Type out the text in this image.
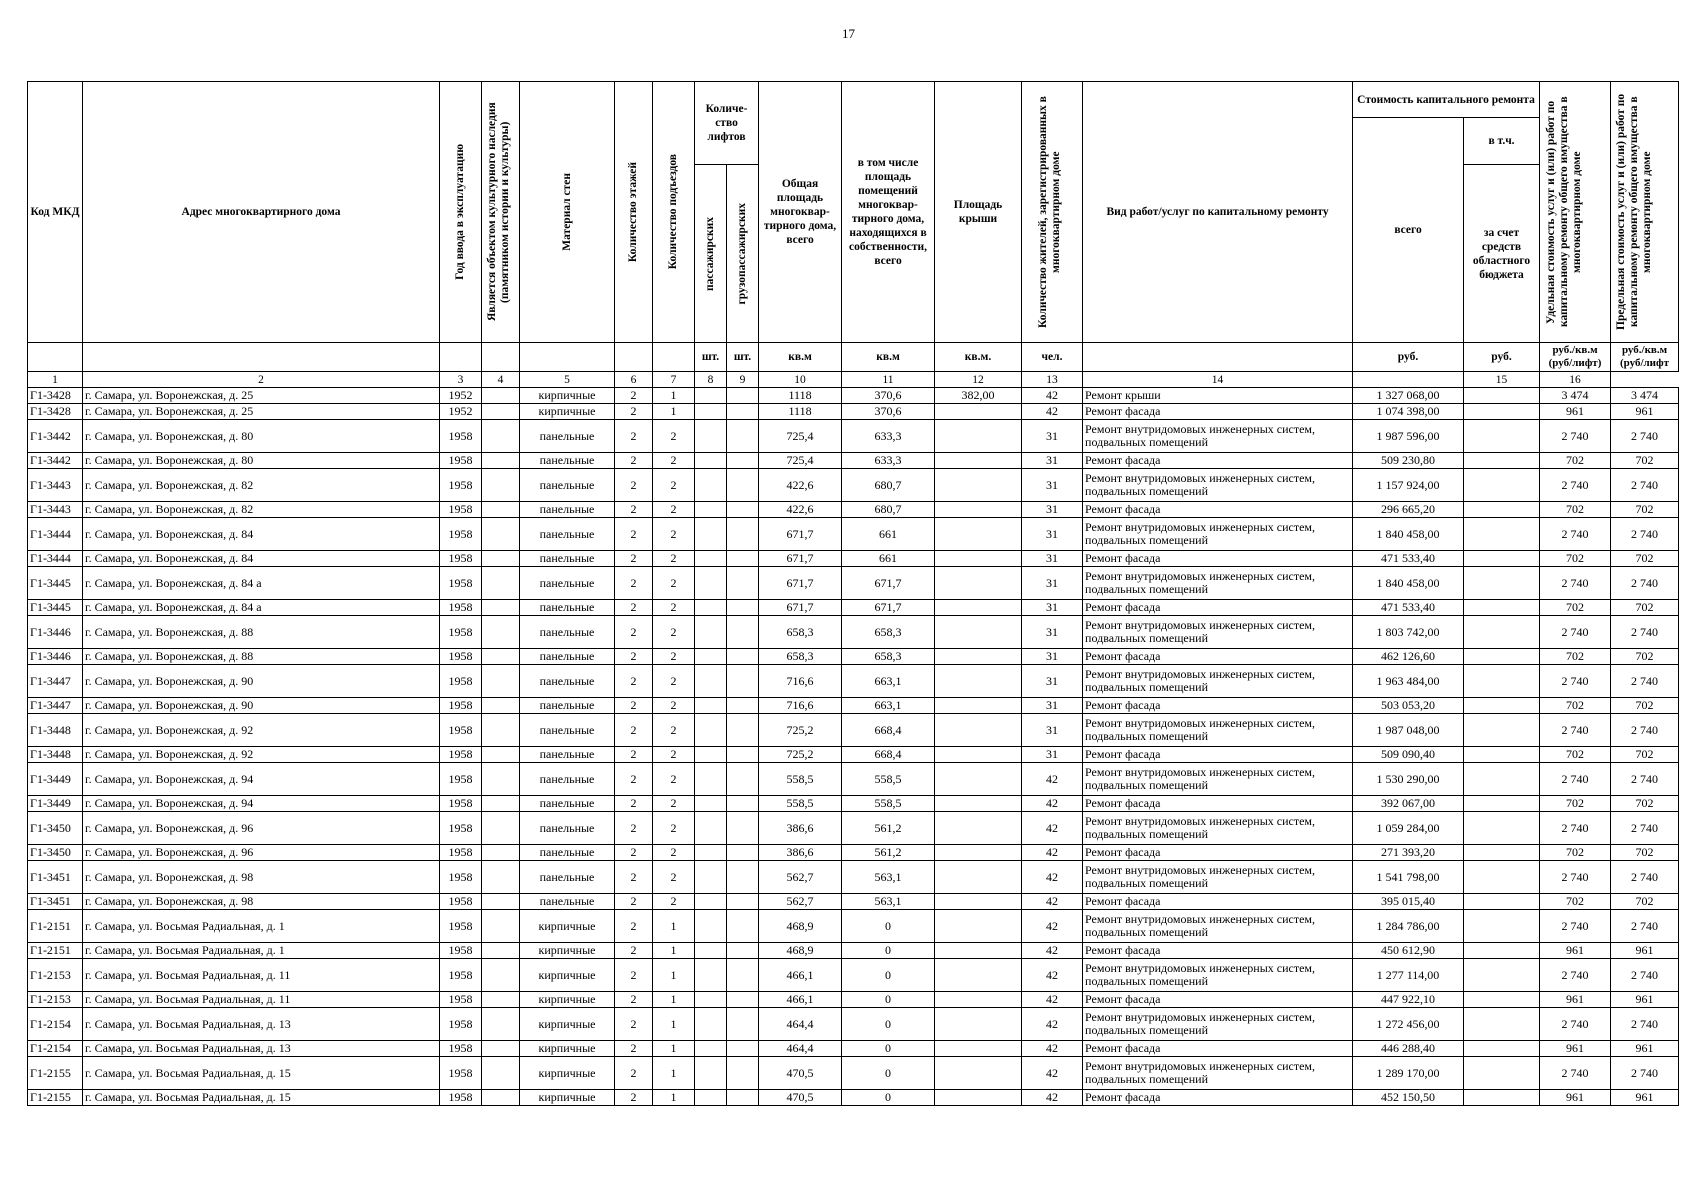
17
Код МКД	Адрес многоквартирного дома	Год ввода в эксплуатацию	Является объектом культурного наследия (памятником истории и культуры)	Материал стен	Количество этажей	Количество подъездов	Количе-ство лифтов		Общая площадь многоквар-тирного дома, всего	в том числе площадь помещений многоквар-тирного дома, находящихся в собственности, всего	Площадь крыши	Количество жителей, зарегистрированных в многоквартирном доме	Вид работ/услуг по капитальному ремонту	Стоимость капитального ремонта		Удельная стоимость услуг и (или) работ по капитальному ремонту общего имущества в многоквартирном доме	Предельная стоимость услуг и (или) работ по капитальному ремонту общего имущества в многоквартирном доме

														всего	в т.ч.		

							пассажирских	грузопассажирских							за счет средств областного бюджета		
							шт.	шт.	кв.м	кв.м	кв.м.	чел.		руб.	руб.	руб./кв.м (руб/лифт)	руб./кв.м (руб/лифт
1	2	3	4	5	6	7	8	9	10	11	12	13	14		15	16	
Г1-3428	г. Самара, ул. Воронежская, д. 25	1952		кирпичные	2	1			1118	370,6	382,00	42	Ремонт крыши	1 327 068,00		3 474	3 474
Г1-3428	г. Самара, ул. Воронежская, д. 25	1952		кирпичные	2	1			1118	370,6		42	Ремонт фасада	1 074 398,00		961	961
Г1-3442	г. Самара, ул. Воронежская, д. 80	1958		панельные	2	2			725,4	633,3		31	Ремонт внутридомовых инженерных систем, подвальных помещений	1 987 596,00		2 740	2 740
Г1-3442	г. Самара, ул. Воронежская, д. 80	1958		панельные	2	2			725,4	633,3		31	Ремонт фасада	509 230,80		702	702
Г1-3443	г. Самара, ул. Воронежская, д. 82	1958		панельные	2	2			422,6	680,7		31	Ремонт внутридомовых инженерных систем, подвальных помещений	1 157 924,00		2 740	2 740
Г1-3443	г. Самара, ул. Воронежская, д. 82	1958		панельные	2	2			422,6	680,7		31	Ремонт фасада	296 665,20		702	702
Г1-3444	г. Самара, ул. Воронежская, д. 84	1958		панельные	2	2			671,7	661		31	Ремонт внутридомовых инженерных систем, подвальных помещений	1 840 458,00		2 740	2 740
Г1-3444	г. Самара, ул. Воронежская, д. 84	1958		панельные	2	2			671,7	661		31	Ремонт фасада	471 533,40		702	702
Г1-3445	г. Самара, ул. Воронежская, д. 84 а	1958		панельные	2	2			671,7	671,7		31	Ремонт внутридомовых инженерных систем, подвальных помещений	1 840 458,00		2 740	2 740
Г1-3445	г. Самара, ул. Воронежская, д. 84 а	1958		панельные	2	2			671,7	671,7		31	Ремонт фасада	471 533,40		702	702
Г1-3446	г. Самара, ул. Воронежская, д. 88	1958		панельные	2	2			658,3	658,3		31	Ремонт внутридомовых инженерных систем, подвальных помещений	1 803 742,00		2 740	2 740
Г1-3446	г. Самара, ул. Воронежская, д. 88	1958		панельные	2	2			658,3	658,3		31	Ремонт фасада	462 126,60		702	702
Г1-3447	г. Самара, ул. Воронежская, д. 90	1958		панельные	2	2			716,6	663,1		31	Ремонт внутридомовых инженерных систем, подвальных помещений	1 963 484,00		2 740	2 740
Г1-3447	г. Самара, ул. Воронежская, д. 90	1958		панельные	2	2			716,6	663,1		31	Ремонт фасада	503 053,20		702	702
Г1-3448	г. Самара, ул. Воронежская, д. 92	1958		панельные	2	2			725,2	668,4		31	Ремонт внутридомовых инженерных систем, подвальных помещений	1 987 048,00		2 740	2 740
Г1-3448	г. Самара, ул. Воронежская, д. 92	1958		панельные	2	2			725,2	668,4		31	Ремонт фасада	509 090,40		702	702
Г1-3449	г. Самара, ул. Воронежская, д. 94	1958		панельные	2	2			558,5	558,5		42	Ремонт внутридомовых инженерных систем, подвальных помещений	1 530 290,00		2 740	2 740
Г1-3449	г. Самара, ул. Воронежская, д. 94	1958		панельные	2	2			558,5	558,5		42	Ремонт фасада	392 067,00		702	702
Г1-3450	г. Самара, ул. Воронежская, д. 96	1958		панельные	2	2			386,6	561,2		42	Ремонт внутридомовых инженерных систем, подвальных помещений	1 059 284,00		2 740	2 740
Г1-3450	г. Самара, ул. Воронежская, д. 96	1958		панельные	2	2			386,6	561,2		42	Ремонт фасада	271 393,20		702	702
Г1-3451	г. Самара, ул. Воронежская, д. 98	1958		панельные	2	2			562,7	563,1		42	Ремонт внутридомовых инженерных систем, подвальных помещений	1 541 798,00		2 740	2 740
Г1-3451	г. Самара, ул. Воронежская, д. 98	1958		панельные	2	2			562,7	563,1		42	Ремонт фасада	395 015,40		702	702
Г1-2151	г. Самара, ул. Восьмая Радиальная, д. 1	1958		кирпичные	2	1			468,9	0		42	Ремонт внутридомовых инженерных систем, подвальных помещений	1 284 786,00		2 740	2 740
Г1-2151	г. Самара, ул. Восьмая Радиальная, д. 1	1958		кирпичные	2	1			468,9	0		42	Ремонт фасада	450 612,90		961	961
Г1-2153	г. Самара, ул. Восьмая Радиальная, д. 11	1958		кирпичные	2	1			466,1	0		42	Ремонт внутридомовых инженерных систем, подвальных помещений	1 277 114,00		2 740	2 740
Г1-2153	г. Самара, ул. Восьмая Радиальная, д. 11	1958		кирпичные	2	1			466,1	0		42	Ремонт фасада	447 922,10		961	961
Г1-2154	г. Самара, ул. Восьмая Радиальная, д. 13	1958		кирпичные	2	1			464,4	0		42	Ремонт внутридомовых инженерных систем, подвальных помещений	1 272 456,00		2 740	2 740
Г1-2154	г. Самара, ул. Восьмая Радиальная, д. 13	1958		кирпичные	2	1			464,4	0		42	Ремонт фасада	446 288,40		961	961
Г1-2155	г. Самара, ул. Восьмая Радиальная, д. 15	1958		кирпичные	2	1			470,5	0		42	Ремонт внутридомовых инженерных систем, подвальных помещений	1 289 170,00		2 740	2 740
Г1-2155	г. Самара, ул. Восьмая Радиальная, д. 15	1958		кирпичные	2	1			470,5	0		42	Ремонт фасада	452 150,50		961	961
